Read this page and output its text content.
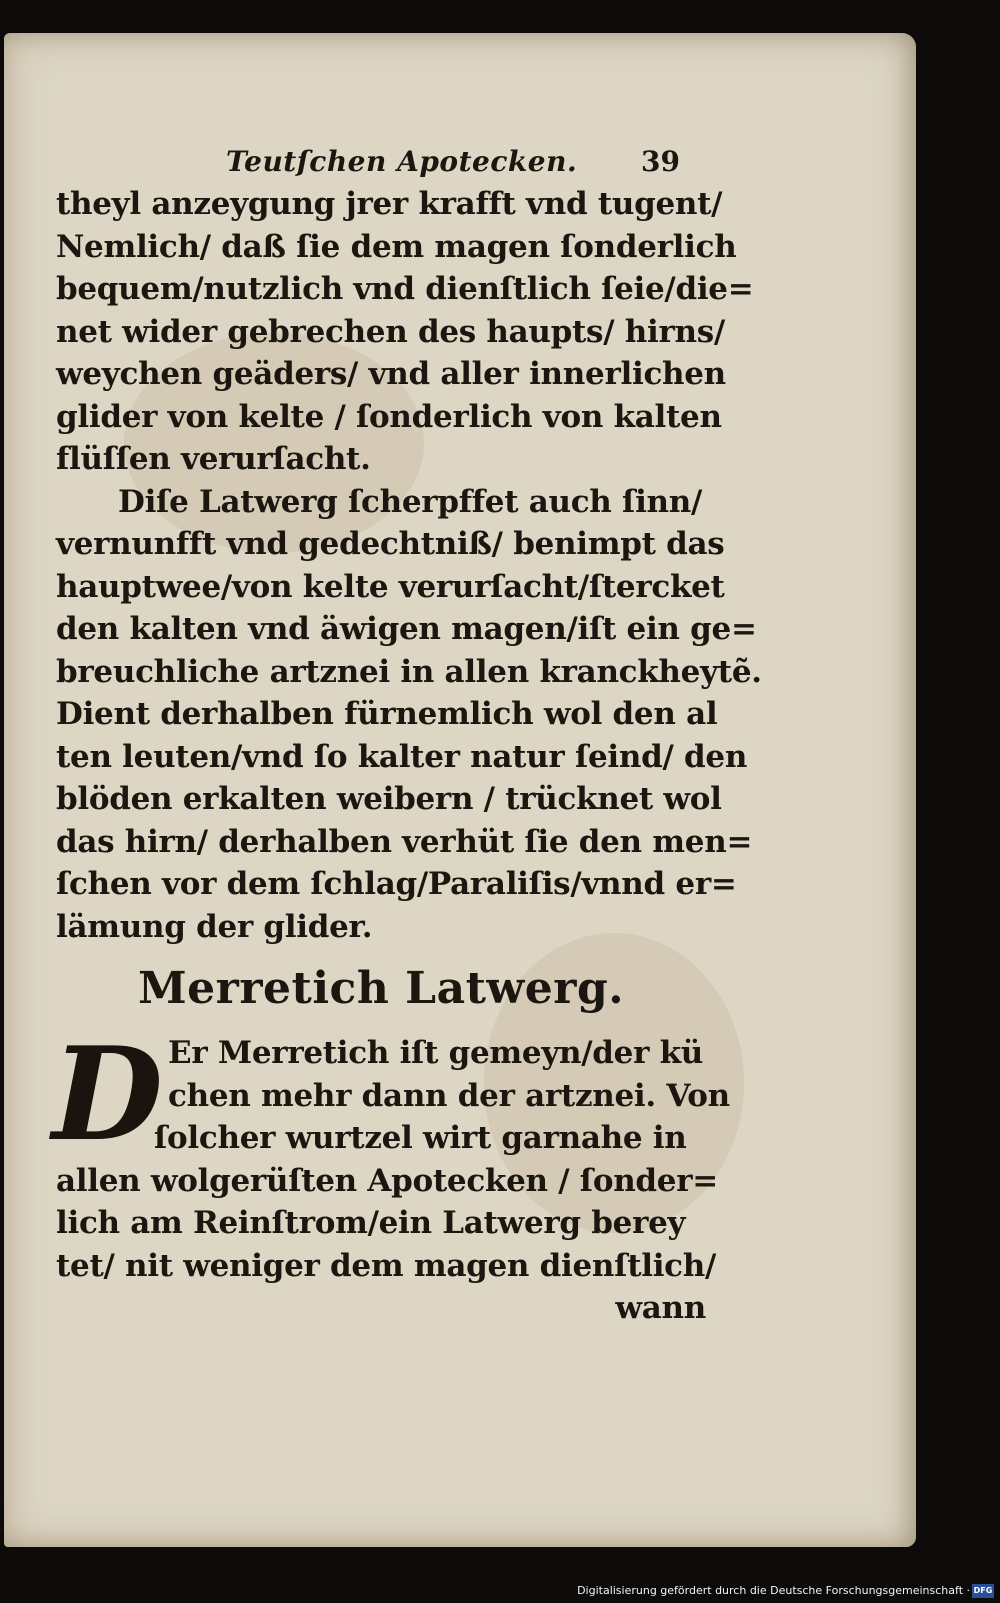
Teutſchen Apotecken. 39
theyl anzeygung jrer krafft vnd tugent/
Nemlich/ daß ſie dem magen ſonderlich
bequem/nutzlich vnd dienſtlich ſeie/die=
net wider gebrechen des haupts/ hirns/
weychen geäders/ vnd aller innerlichen
glider von kelte / ſonderlich von kalten
flüſſen verurſacht.
Diſe Latwerg ſcherpffet auch ſinn/
vernunfft vnd gedechtniß/ benimpt das
hauptwee/von kelte verurſacht/ſtercket
den kalten vnd äwigen magen/iſt ein ge=
breuchliche artznei in allen kranckheytẽ.
Dient derhalben fürnemlich wol den al
ten leuten/vnd ſo kalter natur ſeind/ den
blöden erkalten weibern / trücknet wol
das hirn/ derhalben verhüt ſie den men=
ſchen vor dem ſchlag/Paraliſis/vnnd er=
lämung der glider.
Merretich Latwerg.
D Er Merretich iſt gemeyn/der kü
chen mehr dann der artznei. Von
ſolcher wurtzel wirt garnahe in
allen wolgerüſten Apotecken / ſonder=
lich am Reinſtrom/ein Latwerg berey
tet/ nit weniger dem magen dienſtlich/
wann
Digitalisierung gefördert durch die Deutsche Forschungsgemeinschaft · DFG
